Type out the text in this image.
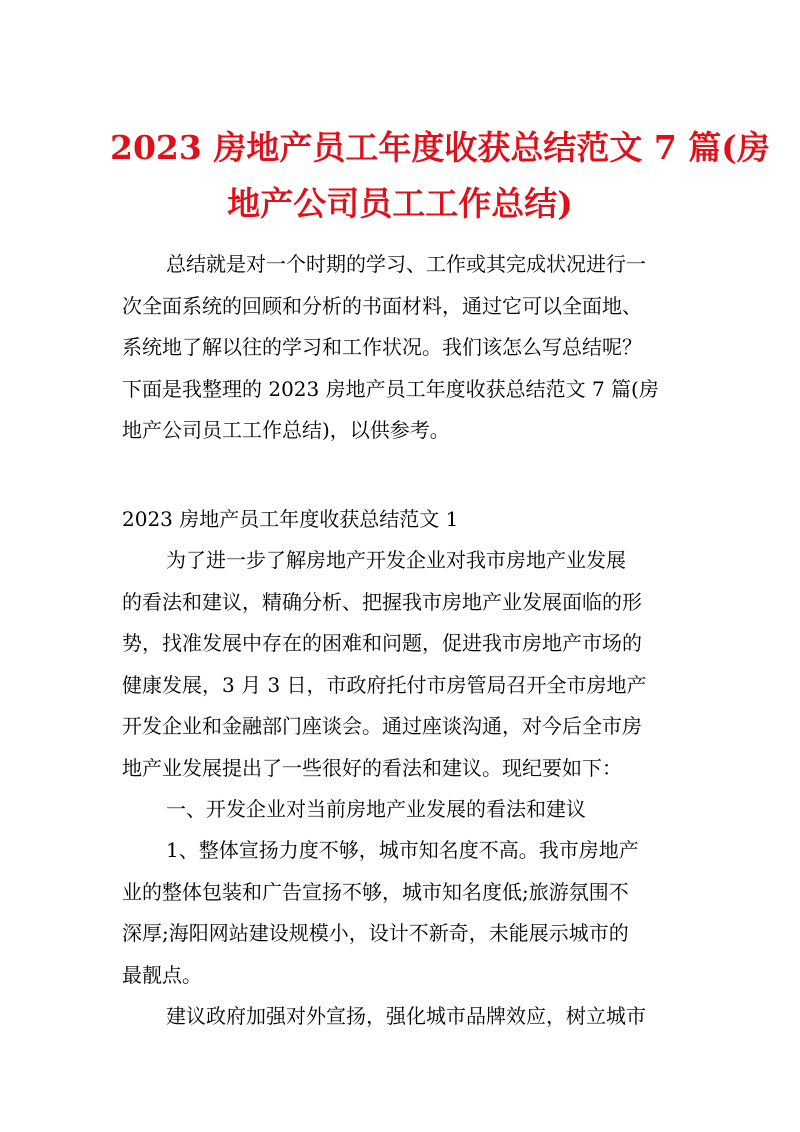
2023 房地产员工年度收获总结范文 7 篇(房
地产公司员工工作总结)

总结就是对一个时期的学习、工作或其完成状况进行一
次全面系统的回顾和分析的书面材料，通过它可以全面地、
系统地了解以往的学习和工作状况。我们该怎么写总结呢？
下面是我整理的 2023 房地产员工年度收获总结范文 7 篇(房
地产公司员工工作总结)，以供参考。

2023 房地产员工年度收获总结范文 1

为了进一步了解房地产开发企业对我市房地产业发展
的看法和建议，精确分析、把握我市房地产业发展面临的形
势，找准发展中存在的困难和问题，促进我市房地产市场的
健康发展，3 月 3 日，市政府托付市房管局召开全市房地产
开发企业和金融部门座谈会。通过座谈沟通，对今后全市房
地产业发展提出了一些很好的看法和建议。现纪要如下：

一、开发企业对当前房地产业发展的看法和建议

1、整体宣扬力度不够，城市知名度不高。我市房地产
业的整体包装和广告宣扬不够，城市知名度低;旅游氛围不
深厚;海阳网站建设规模小，设计不新奇，未能展示城市的
最靓点。

建议政府加强对外宣扬，强化城市品牌效应，树立城市
